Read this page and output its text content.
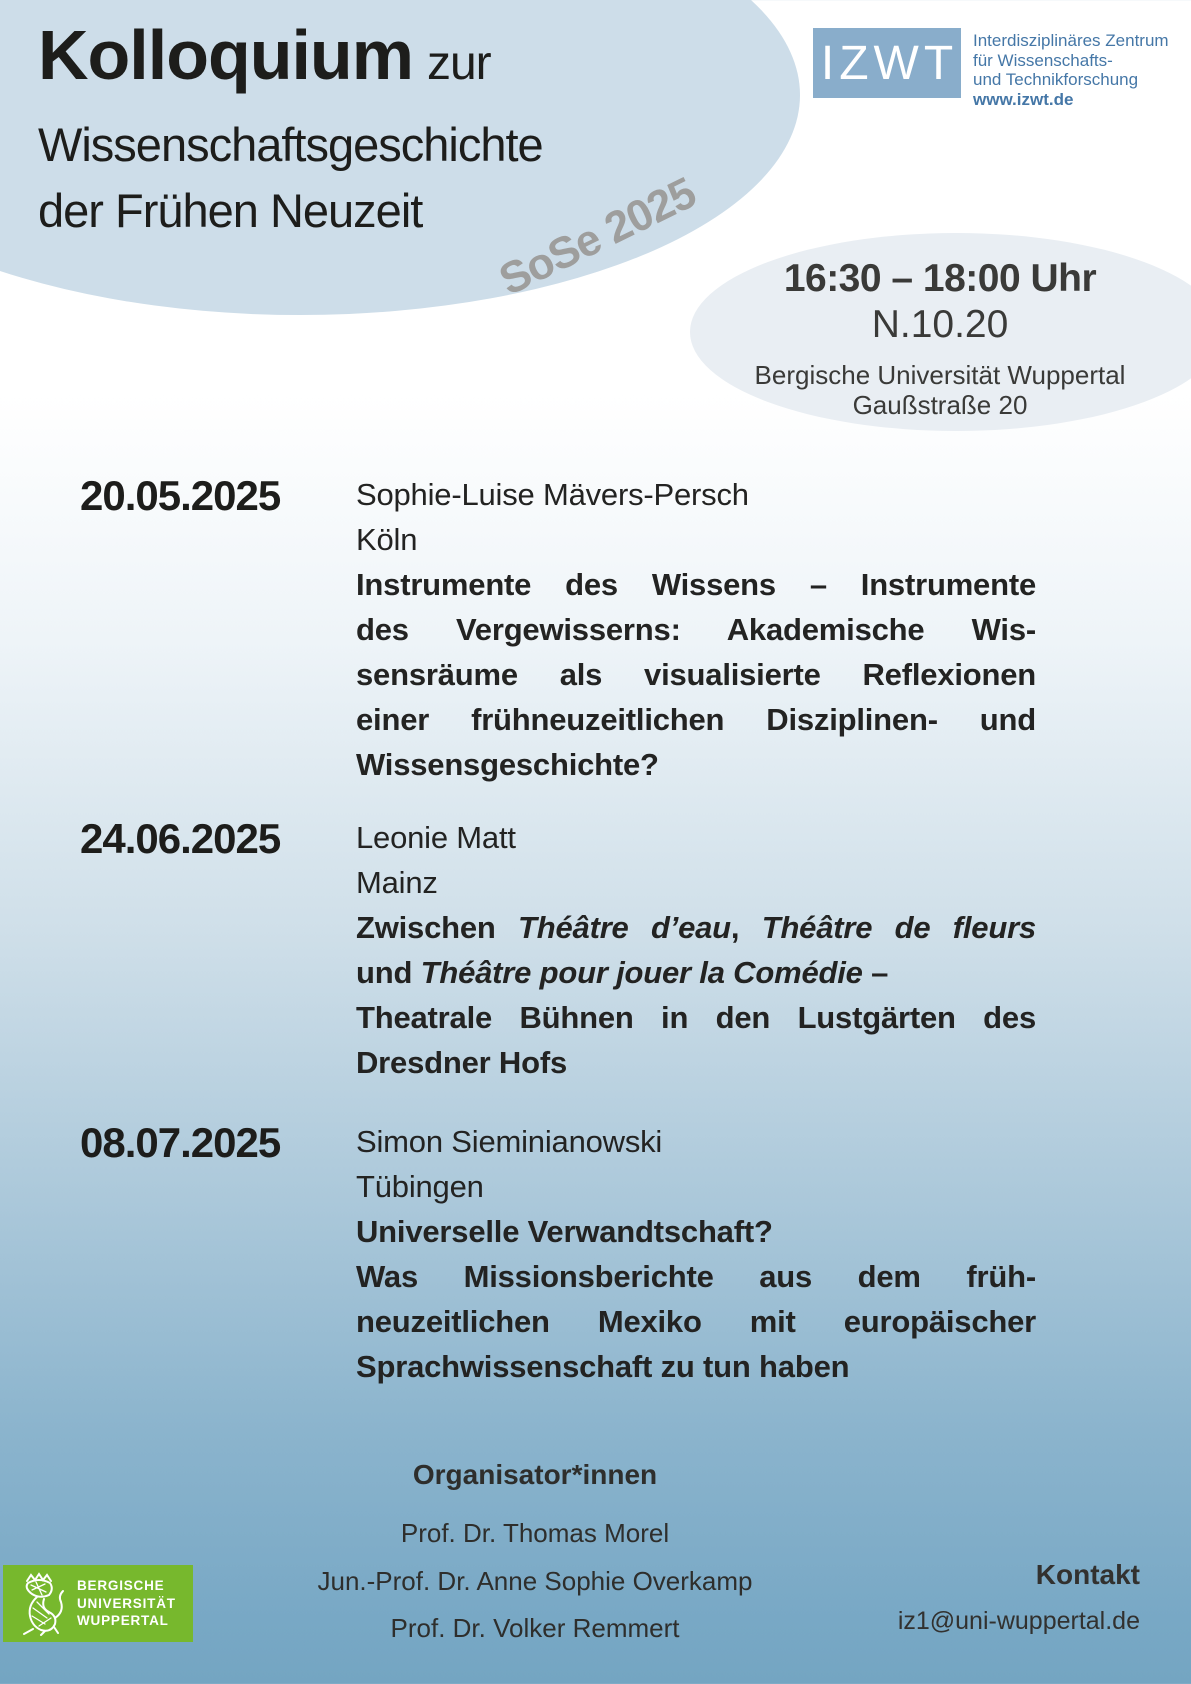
Kolloquium zur
Wissenschaftsgeschichte
der Frühen Neuzeit	SoSe 2025
IZWT Interdisziplinäres Zentrum
für Wissenschafts-
und Technikforschung
www.izwt.de
16:30 – 18:00 Uhr
N.10.20
Bergische Universität Wuppertal
Gaußstraße 20
20.05.2025	Sophie-Luise Mävers-Persch
Köln
Instrumente des Wissens – Instrumente
des Vergewisserns: Akademische Wis-
sensräume als visualisierte Reflexionen
einer frühneuzeitlichen Disziplinen- und
Wissensgeschichte?
24.06.2025	Leonie Matt
Mainz
Zwischen Théâtre d’eau, Théâtre de fleurs
und Théâtre pour jouer la Comédie –
Theatrale Bühnen in den Lustgärten des
Dresdner Hofs
08.07.2025	Simon Sieminianowski
Tübingen
Universelle Verwandtschaft?
Was Missionsberichte aus dem früh-
neuzeitlichen Mexiko mit europäischer
Sprachwissenschaft zu tun haben
Organisator*innen
Prof. Dr. Thomas Morel
Jun.-Prof. Dr. Anne Sophie Overkamp
Prof. Dr. Volker Remmert
Kontakt
iz1@uni-wuppertal.de
BERGISCHE
UNIVERSITÄT
WUPPERTAL
